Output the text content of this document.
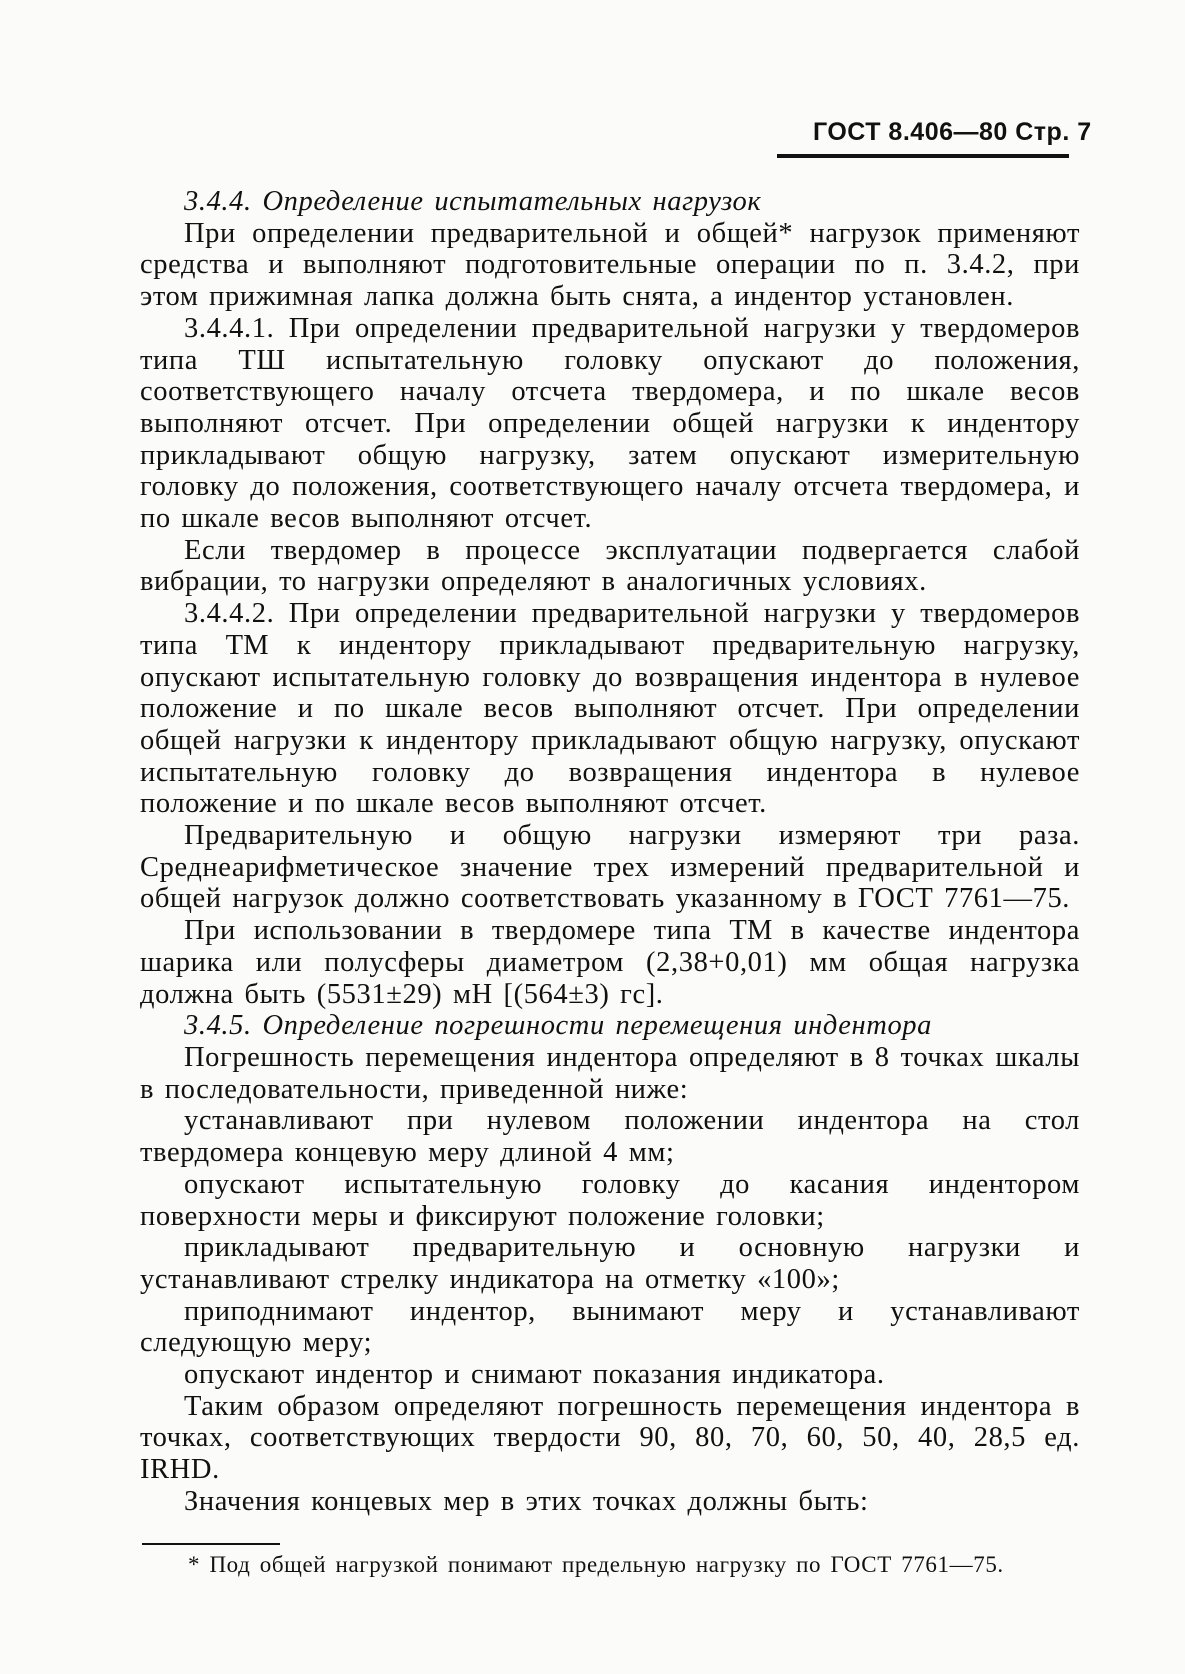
ГОСТ 8.406—80 Стр. 7

3.4.4. Определение испытательных нагрузок

При определении предварительной и общей* нагрузок применяют средства и выполняют подготовительные операции по п. 3.4.2, при этом прижимная лапка должна быть снята, а индентор установлен.

3.4.4.1. При определении предварительной нагрузки у твердомеров типа ТШ испытательную головку опускают до положения, соответствующего началу отсчета твердомера, и по шкале весов выполняют отсчет. При определении общей нагрузки к индентору прикладывают общую нагрузку, затем опускают измерительную головку до положения, соответствующего началу отсчета твердомера, и по шкале весов выполняют отсчет.

Если твердомер в процессе эксплуатации подвергается слабой вибрации, то нагрузки определяют в аналогичных условиях.

3.4.4.2. При определении предварительной нагрузки у твердомеров типа ТМ к индентору прикладывают предварительную нагрузку, опускают испытательную головку до возвращения индентора в нулевое положение и по шкале весов выполняют отсчет. При определении общей нагрузки к индентору прикладывают общую нагрузку, опускают испытательную головку до возвращения индентора в нулевое положение и по шкале весов выполняют отсчет.

Предварительную и общую нагрузки измеряют три раза. Среднеарифметическое значение трех измерений предварительной и общей нагрузок должно соответствовать указанному в ГОСТ 7761—75.

При использовании в твердомере типа ТМ в качестве индентора шарика или полусферы диаметром (2,38+0,01) мм общая нагрузка должна быть (5531±29) мН [(564±3) гс].

3.4.5. Определение погрешности перемещения индентора

Погрешность перемещения индентора определяют в 8 точках шкалы в последовательности, приведенной ниже:

устанавливают при нулевом положении индентора на стол твердомера концевую меру длиной 4 мм;

опускают испытательную головку до касания индентором поверхности меры и фиксируют положение головки;

прикладывают предварительную и основную нагрузки и устанавливают стрелку индикатора на отметку «100»;

приподнимают индентор, вынимают меру и устанавливают следующую меру;

опускают индентор и снимают показания индикатора.

Таким образом определяют погрешность перемещения индентора в точках, соответствующих твердости 90, 80, 70, 60, 50, 40, 28,5 ед. IRHD.

Значения концевых мер в этих точках должны быть:

* Под общей нагрузкой понимают предельную нагрузку по ГОСТ 7761—75.
